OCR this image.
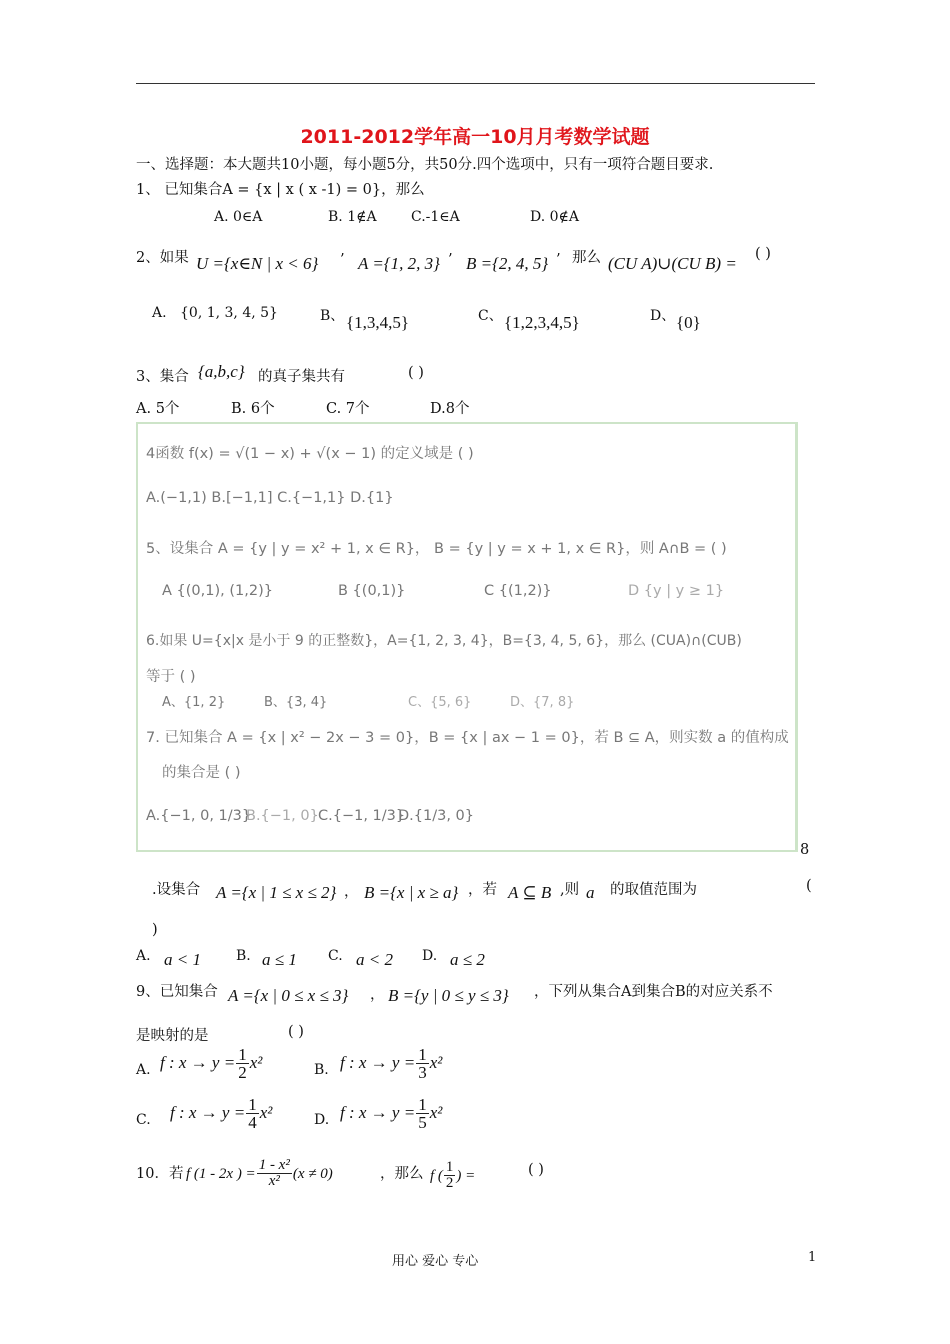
2011-2012学年高一10月月考数学试题
一、选择题：本大题共10小题，每小题5分，共50分.四个选项中，只有一项符合题目要求.
1、 已知集合A = {x | x ( x -1) = 0}，那么
A. 0∈A	B. 1∉A C.-1∈A	D. 0∉A
2、如果 U ={x∈N | x < 6} ’ A ={1, 2, 3} ’ B ={2, 4, 5} ’ 那么 (CU A)∪(CU B) = ( )
A. {0, 1, 3, 4, 5}	B、 {1,3,4,5}	C、 {1,2,3,4,5}	D、 {0}
3、集合 {a,b,c} 的真子集共有	( )
A. 5个	B. 6个	C. 7个	D.8个
4函数 f(x) = √(1 − x) + √(x − 1) 的定义域是 ( )
A.(−1,1) B.[−1,1] C.{−1,1} D.{1}
5、设集合 A = {y | y = x² + 1, x ∈ R}， B = {y | y = x + 1, x ∈ R}，则 A∩B = ( )
A {(0,1), (1,2)}	B {(0,1)}	C {(1,2)}	D {y | y ≥ 1}
6.如果 U={x|x 是小于 9 的正整数}，A={1, 2, 3, 4}，B={3, 4, 5, 6}，那么 (CUA)∩(CUB)
等于 ( )
A、{1, 2}	B、{3, 4}	C、{5, 6}	D、{7, 8}
7. 已知集合 A = {x | x² − 2x − 3 = 0}，B = {x | ax − 1 = 0}，若 B ⊆ A，则实数 a 的值构成
的集合是 ( )
A.{−1, 0, 1/3}
B.{−1, 0} C.{−1, 1/3}
D.{1/3, 0}
8
.设集合 A ={x | 1 ≤ x ≤ 2} ， B ={x | x ≥ a} ，若 A ⊆ B ,则 a 的取值范围为	(
)
A. a < 1	B. a ≤ 1 C. a < 2 D. a ≤ 2
9、已知集合 A ={x | 0 ≤ x ≤ 3} ， B ={y | 0 ≤ y ≤ 3} ，下列从集合A到集合B的对应关系不
是映射的是	( )
A. f : $x \to y = \frac{1}{2} x^2$	B. f : $x \to y = \frac{1}{3} x^2$
C. f : $x \to y = \frac{1}{4} x^2$	D. f : $x \to y = \frac{1}{5} x^2$
10．若 f (1 - 2x ) = $\frac{\text{1 - x²}}{\text{x²}} (x \ne 0)$	，那么 f ( $\frac{1}{2}$ ) =	( )
用心 爱心 专心	1
